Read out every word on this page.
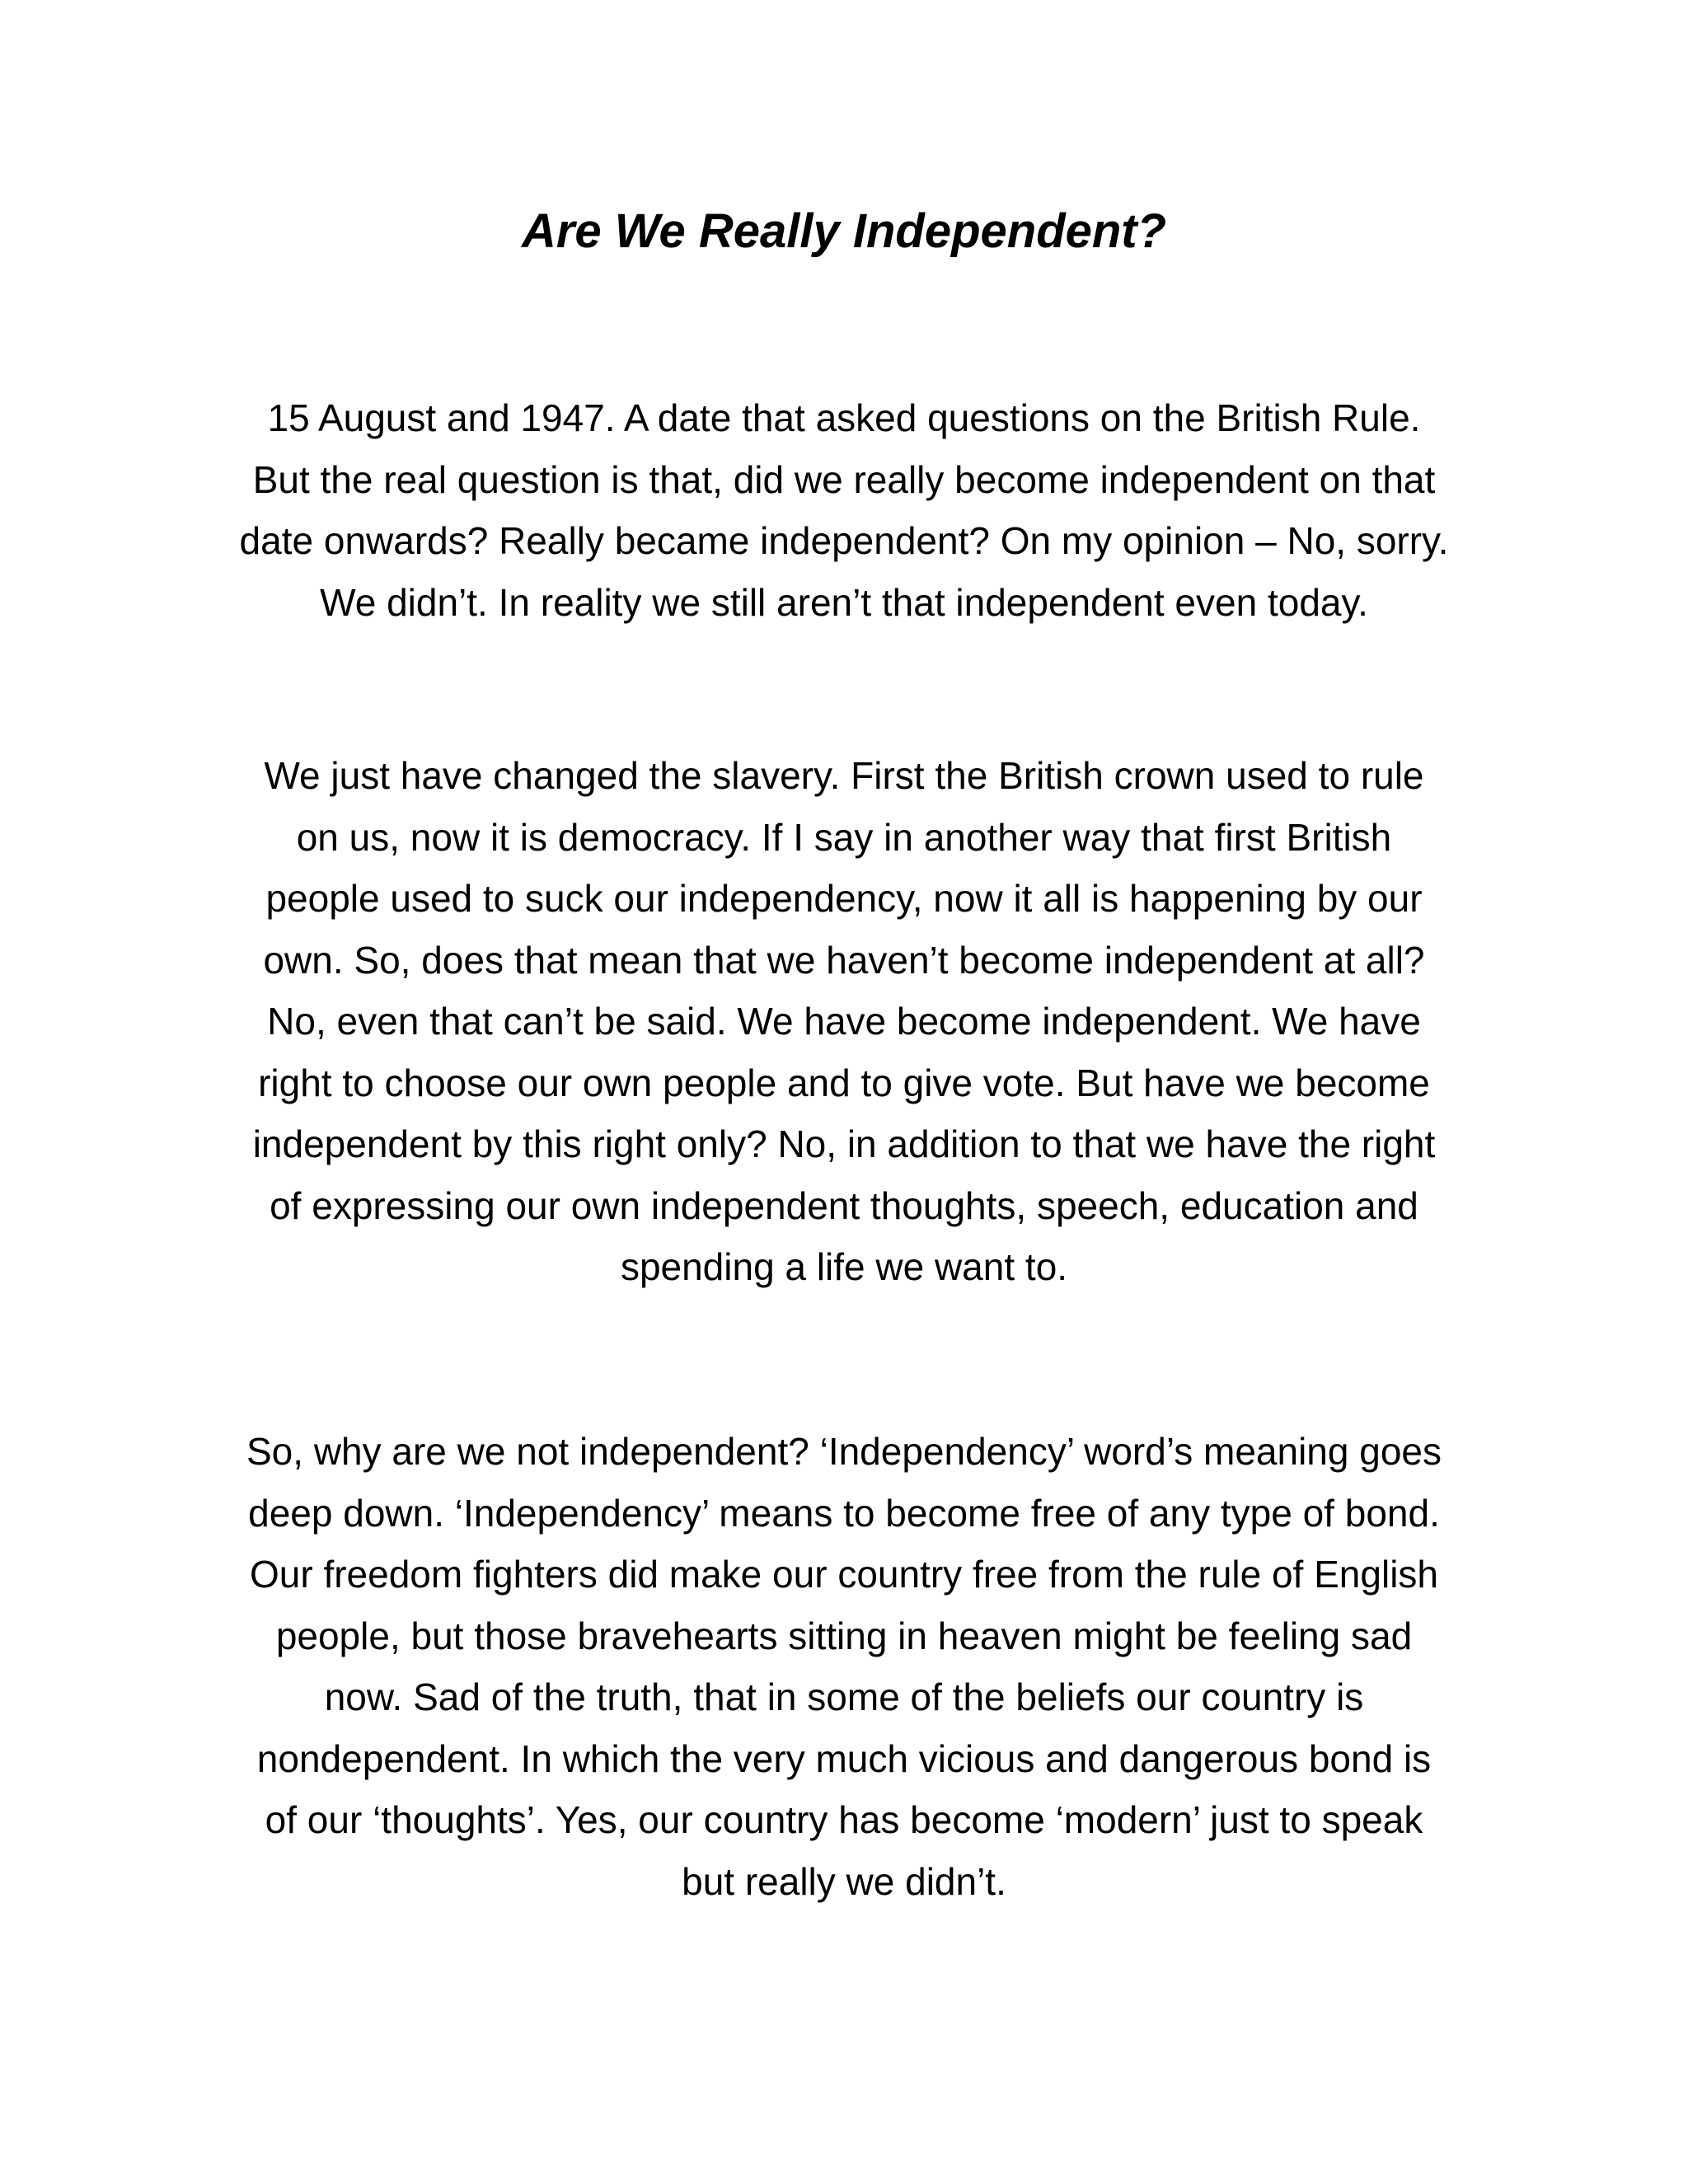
Are We Really Independent?
15 August and 1947. A date that asked questions on the British Rule.
But the real question is that, did we really become independent on that
date onwards? Really became independent? On my opinion – No, sorry.
We didn’t. In reality we still aren’t that independent even today.
We just have changed the slavery. First the British crown used to rule
on us, now it is democracy. If I say in another way that first British
people used to suck our independency, now it all is happening by our
own. So, does that mean that we haven’t become independent at all?
No, even that can’t be said. We have become independent. We have
right to choose our own people and to give vote. But have we become
independent by this right only? No, in addition to that we have the right
of expressing our own independent thoughts, speech, education and
spending a life we want to.
So, why are we not independent? ‘Independency’ word’s meaning goes
deep down. ‘Independency’ means to become free of any type of bond.
Our freedom fighters did make our country free from the rule of English
people, but those bravehearts sitting in heaven might be feeling sad
now. Sad of the truth, that in some of the beliefs our country is
nondependent. In which the very much vicious and dangerous bond is
of our ‘thoughts’. Yes, our country has become ‘modern’ just to speak
but really we didn’t.
